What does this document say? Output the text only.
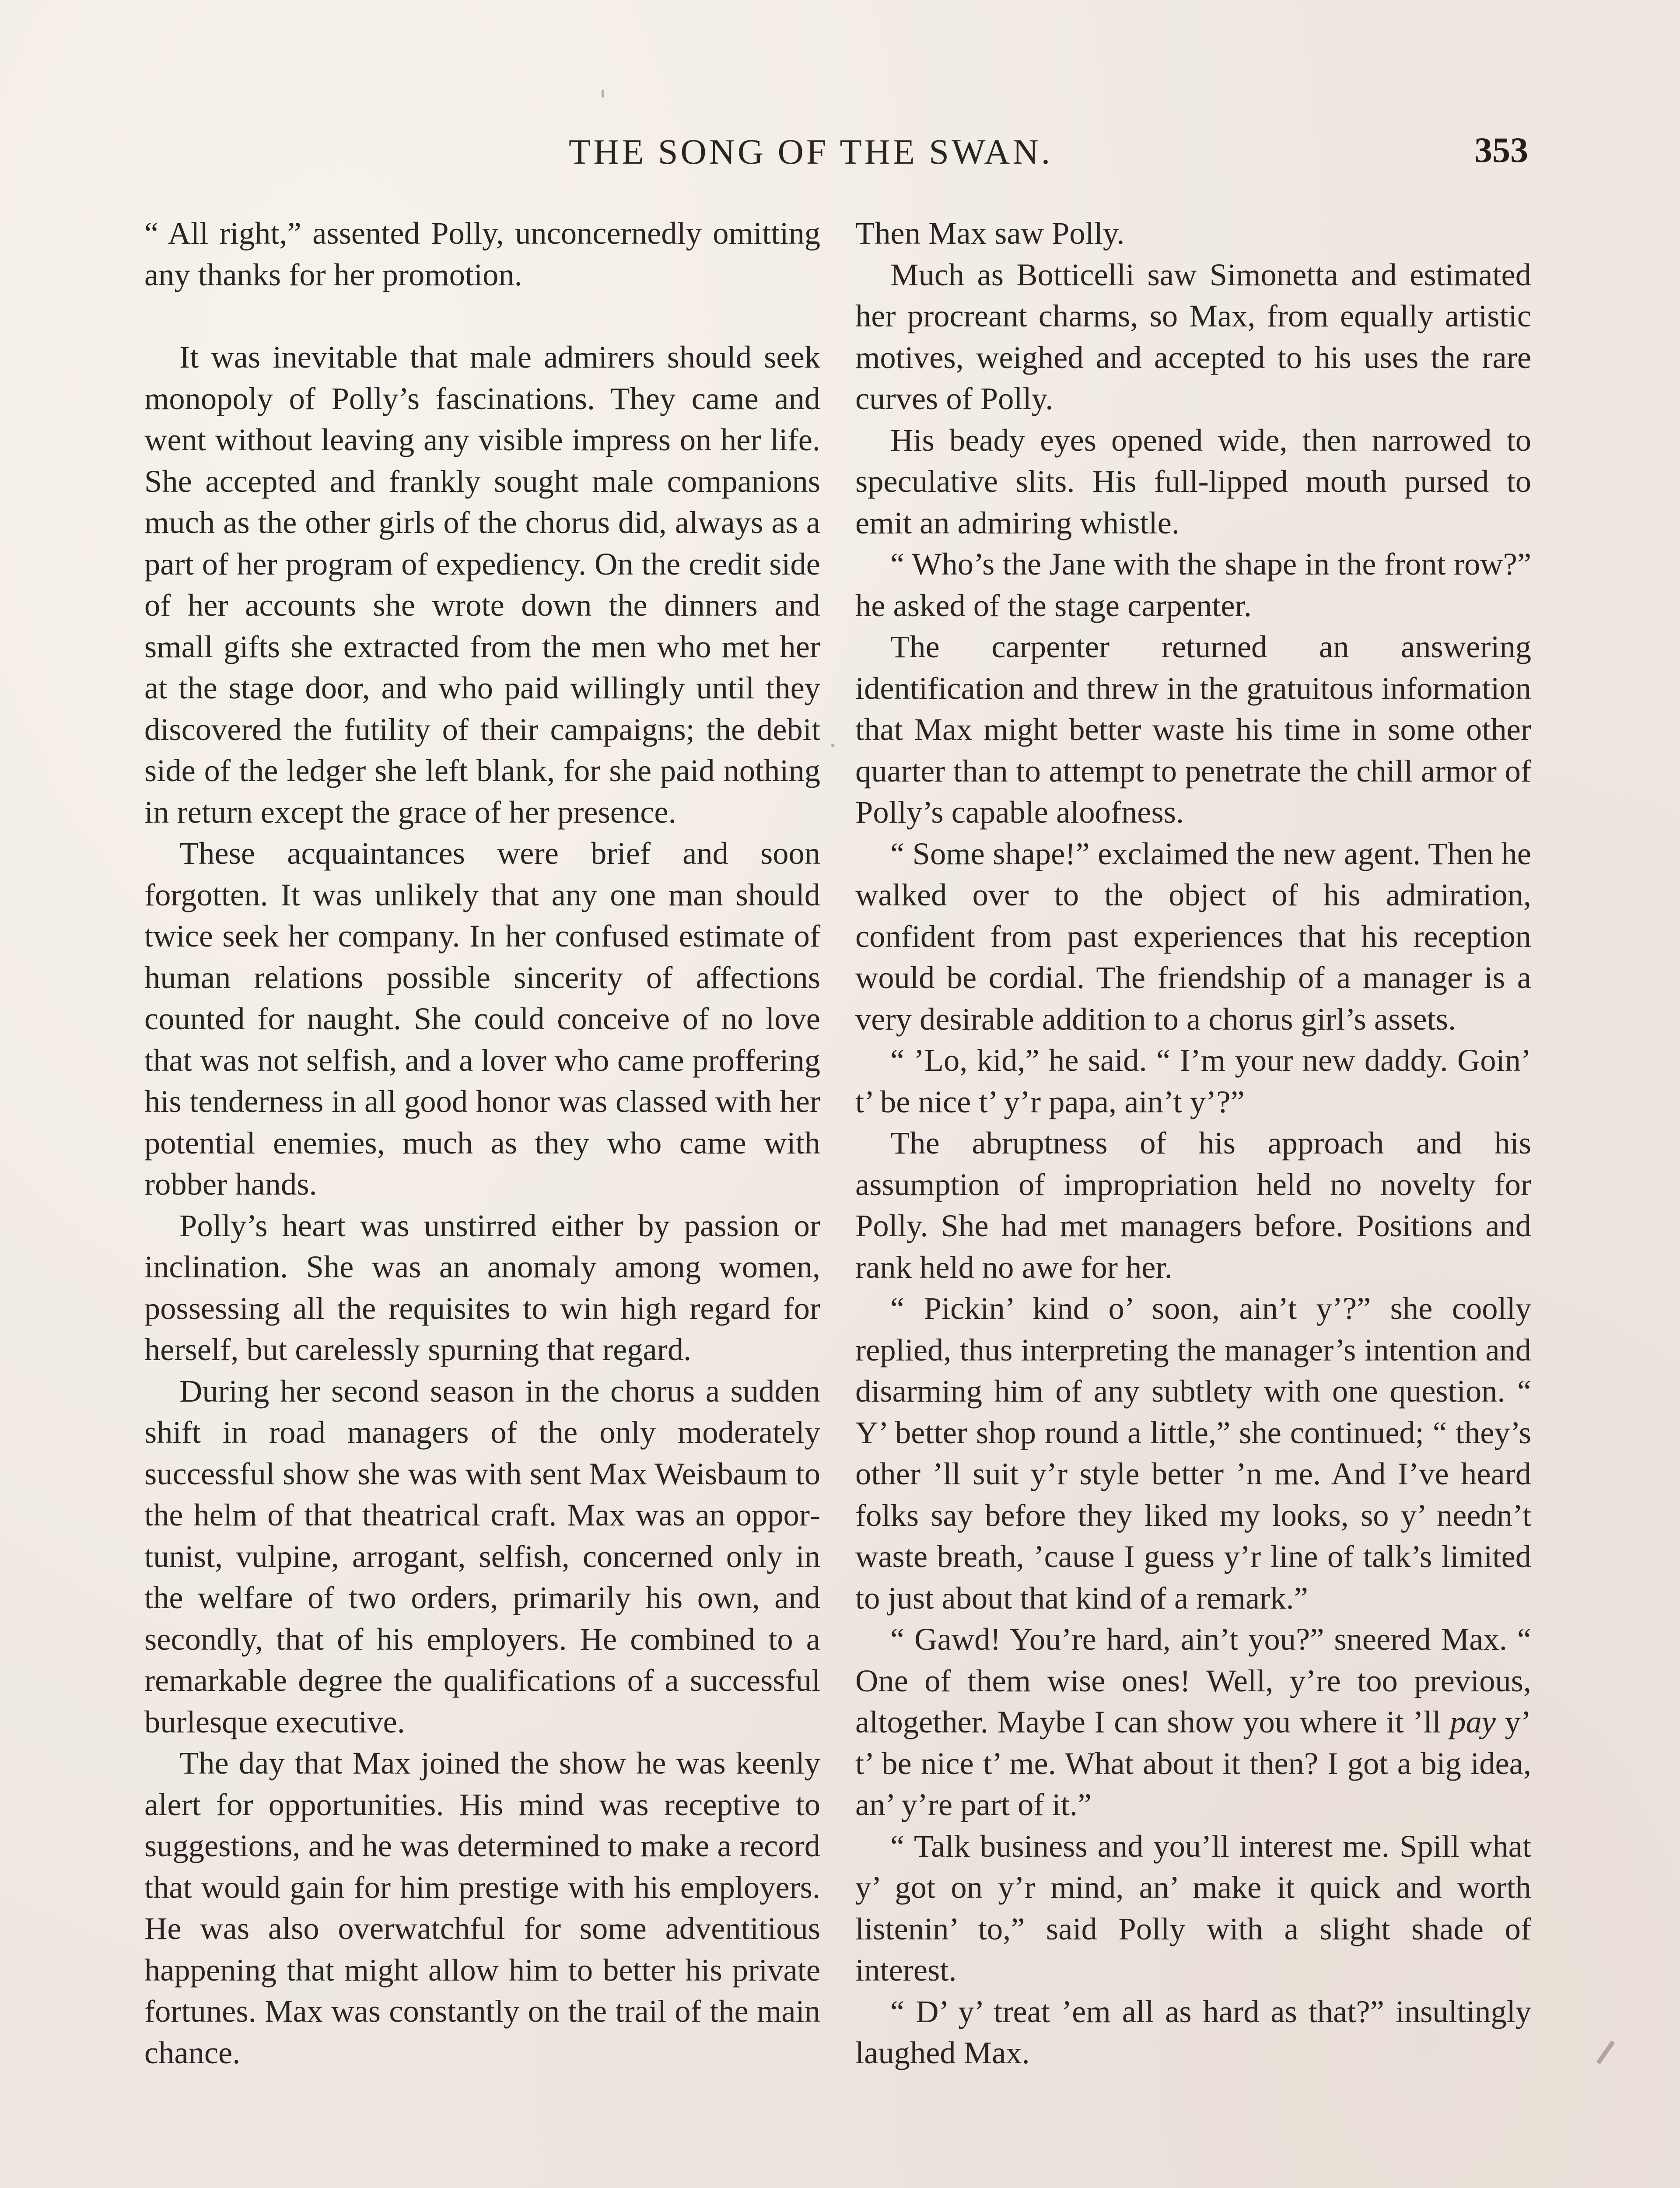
THE SONG OF THE SWAN.	353

“ All right,” assented Polly, unconcernedly omitting any thanks for her promotion.

It was inevitable that male admirers should seek monopoly of Polly’s fascinations. They came and went without leaving any visible impress on her life. She accepted and frankly sought male companions much as the other girls of the chorus did, always as a part of her program of expediency. On the credit side of her accounts she wrote down the dinners and small gifts she extracted from the men who met her at the stage door, and who paid willingly until they discovered the futility of their campaigns; the debit side of the ledger she left blank, for she paid nothing in return except the grace of her presence.

These acquaintances were brief and soon forgotten. It was unlikely that any one man should twice seek her company. In her confused estimate of human relations possible sincerity of affections counted for naught. She could conceive of no love that was not selfish, and a lover who came proffering his tenderness in all good honor was classed with her potential enemies, much as they who came with robber hands.

Polly’s heart was unstirred either by passion or inclination. She was an anomaly among women, possessing all the requisites to win high regard for herself, but carelessly spurning that regard.

During her second season in the chorus a sudden shift in road managers of the only moderately successful show she was with sent Max Weisbaum to the helm of that theatrical craft. Max was an opportunist, vulpine, arrogant, selfish, concerned only in the welfare of two orders, primarily his own, and secondly, that of his employers. He combined to a remarkable degree the qualifications of a successful burlesque executive.

The day that Max joined the show he was keenly alert for opportunities. His mind was receptive to suggestions, and he was determined to make a record that would gain for him prestige with his employers. He was also overwatchful for some adventitious happening that might allow him to better his private fortunes. Max was constantly on the trail of the main chance.

Then Max saw Polly.

Much as Botticelli saw Simonetta and estimated her procreant charms, so Max, from equally artistic motives, weighed and accepted to his uses the rare curves of Polly.

His beady eyes opened wide, then narrowed to speculative slits. His full-lipped mouth pursed to emit an admiring whistle.

“ Who’s the Jane with the shape in the front row?” he asked of the stage carpenter.

The carpenter returned an answering identification and threw in the gratuitous information that Max might better waste his time in some other quarter than to attempt to penetrate the chill armor of Polly’s capable aloofness.

“ Some shape!” exclaimed the new agent. Then he walked over to the object of his admiration, confident from past experiences that his reception would be cordial. The friendship of a manager is a very desirable addition to a chorus girl’s assets.

“ ’Lo, kid,” he said. “ I’m your new daddy. Goin’ t’ be nice t’ y’r papa, ain’t y’?”

The abruptness of his approach and his assumption of impropriation held no novelty for Polly. She had met managers before. Positions and rank held no awe for her.

“ Pickin’ kind o’ soon, ain’t y’?” she coolly replied, thus interpreting the manager’s intention and disarming him of any subtlety with one question. “ Y’ better shop round a little,” she continued; “ they’s other ’ll suit y’r style better ’n me. And I’ve heard folks say before they liked my looks, so y’ needn’t waste breath, ’cause I guess y’r line of talk’s limited to just about that kind of a remark.”

“ Gawd! You’re hard, ain’t you?” sneered Max. “ One of them wise ones! Well, y’re too previous, altogether. Maybe I can show you where it ’ll pay y’ t’ be nice t’ me. What about it then? I got a big idea, an’ y’re part of it.”

“ Talk business and you’ll interest me. Spill what y’ got on y’r mind, an’ make it quick and worth listenin’ to,” said Polly with a slight shade of interest.

“ D’ y’ treat ’em all as hard as that?” insultingly laughed Max.
